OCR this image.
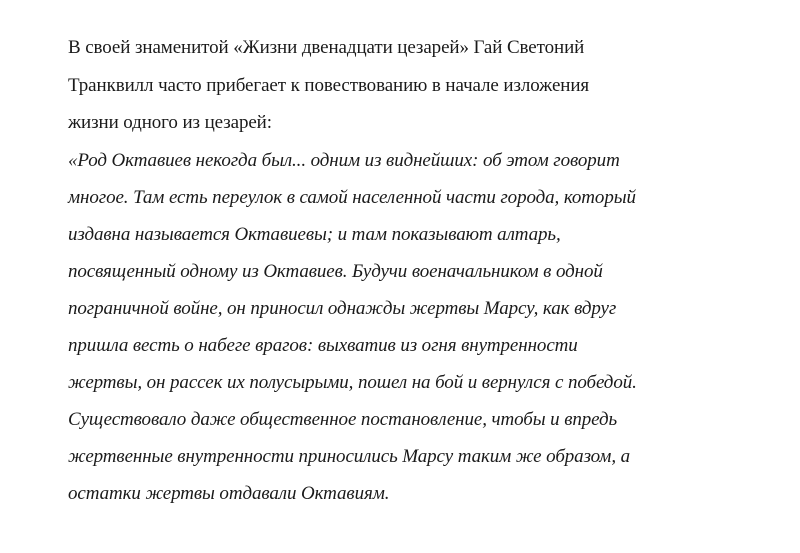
В своей знаменитой «Жизни двенадцати цезарей» Гай Светоний
Транквилл часто прибегает к повествованию в начале изложения
жизни одного из цезарей:
«Род Октавиев некогда был... одним из виднейших: об этом говорит
многое. Там есть переулок в самой населенной части города, который
издавна называется Октавиевы; и там показывают алтарь,
посвященный одному из Октавиев. Будучи военачальником в одной
пограничной войне, он приносил однажды жертвы Марсу, как вдруг
пришла весть о набеге врагов: выхватив из огня внутренности
жертвы, он рассек их полусырыми, пошел на бой и вернулся с победой.
Существовало даже общественное постановление, чтобы и впредь
жертвенные внутренности приносились Марсу таким же образом, а
остатки жертвы отдавали Октавиям.
